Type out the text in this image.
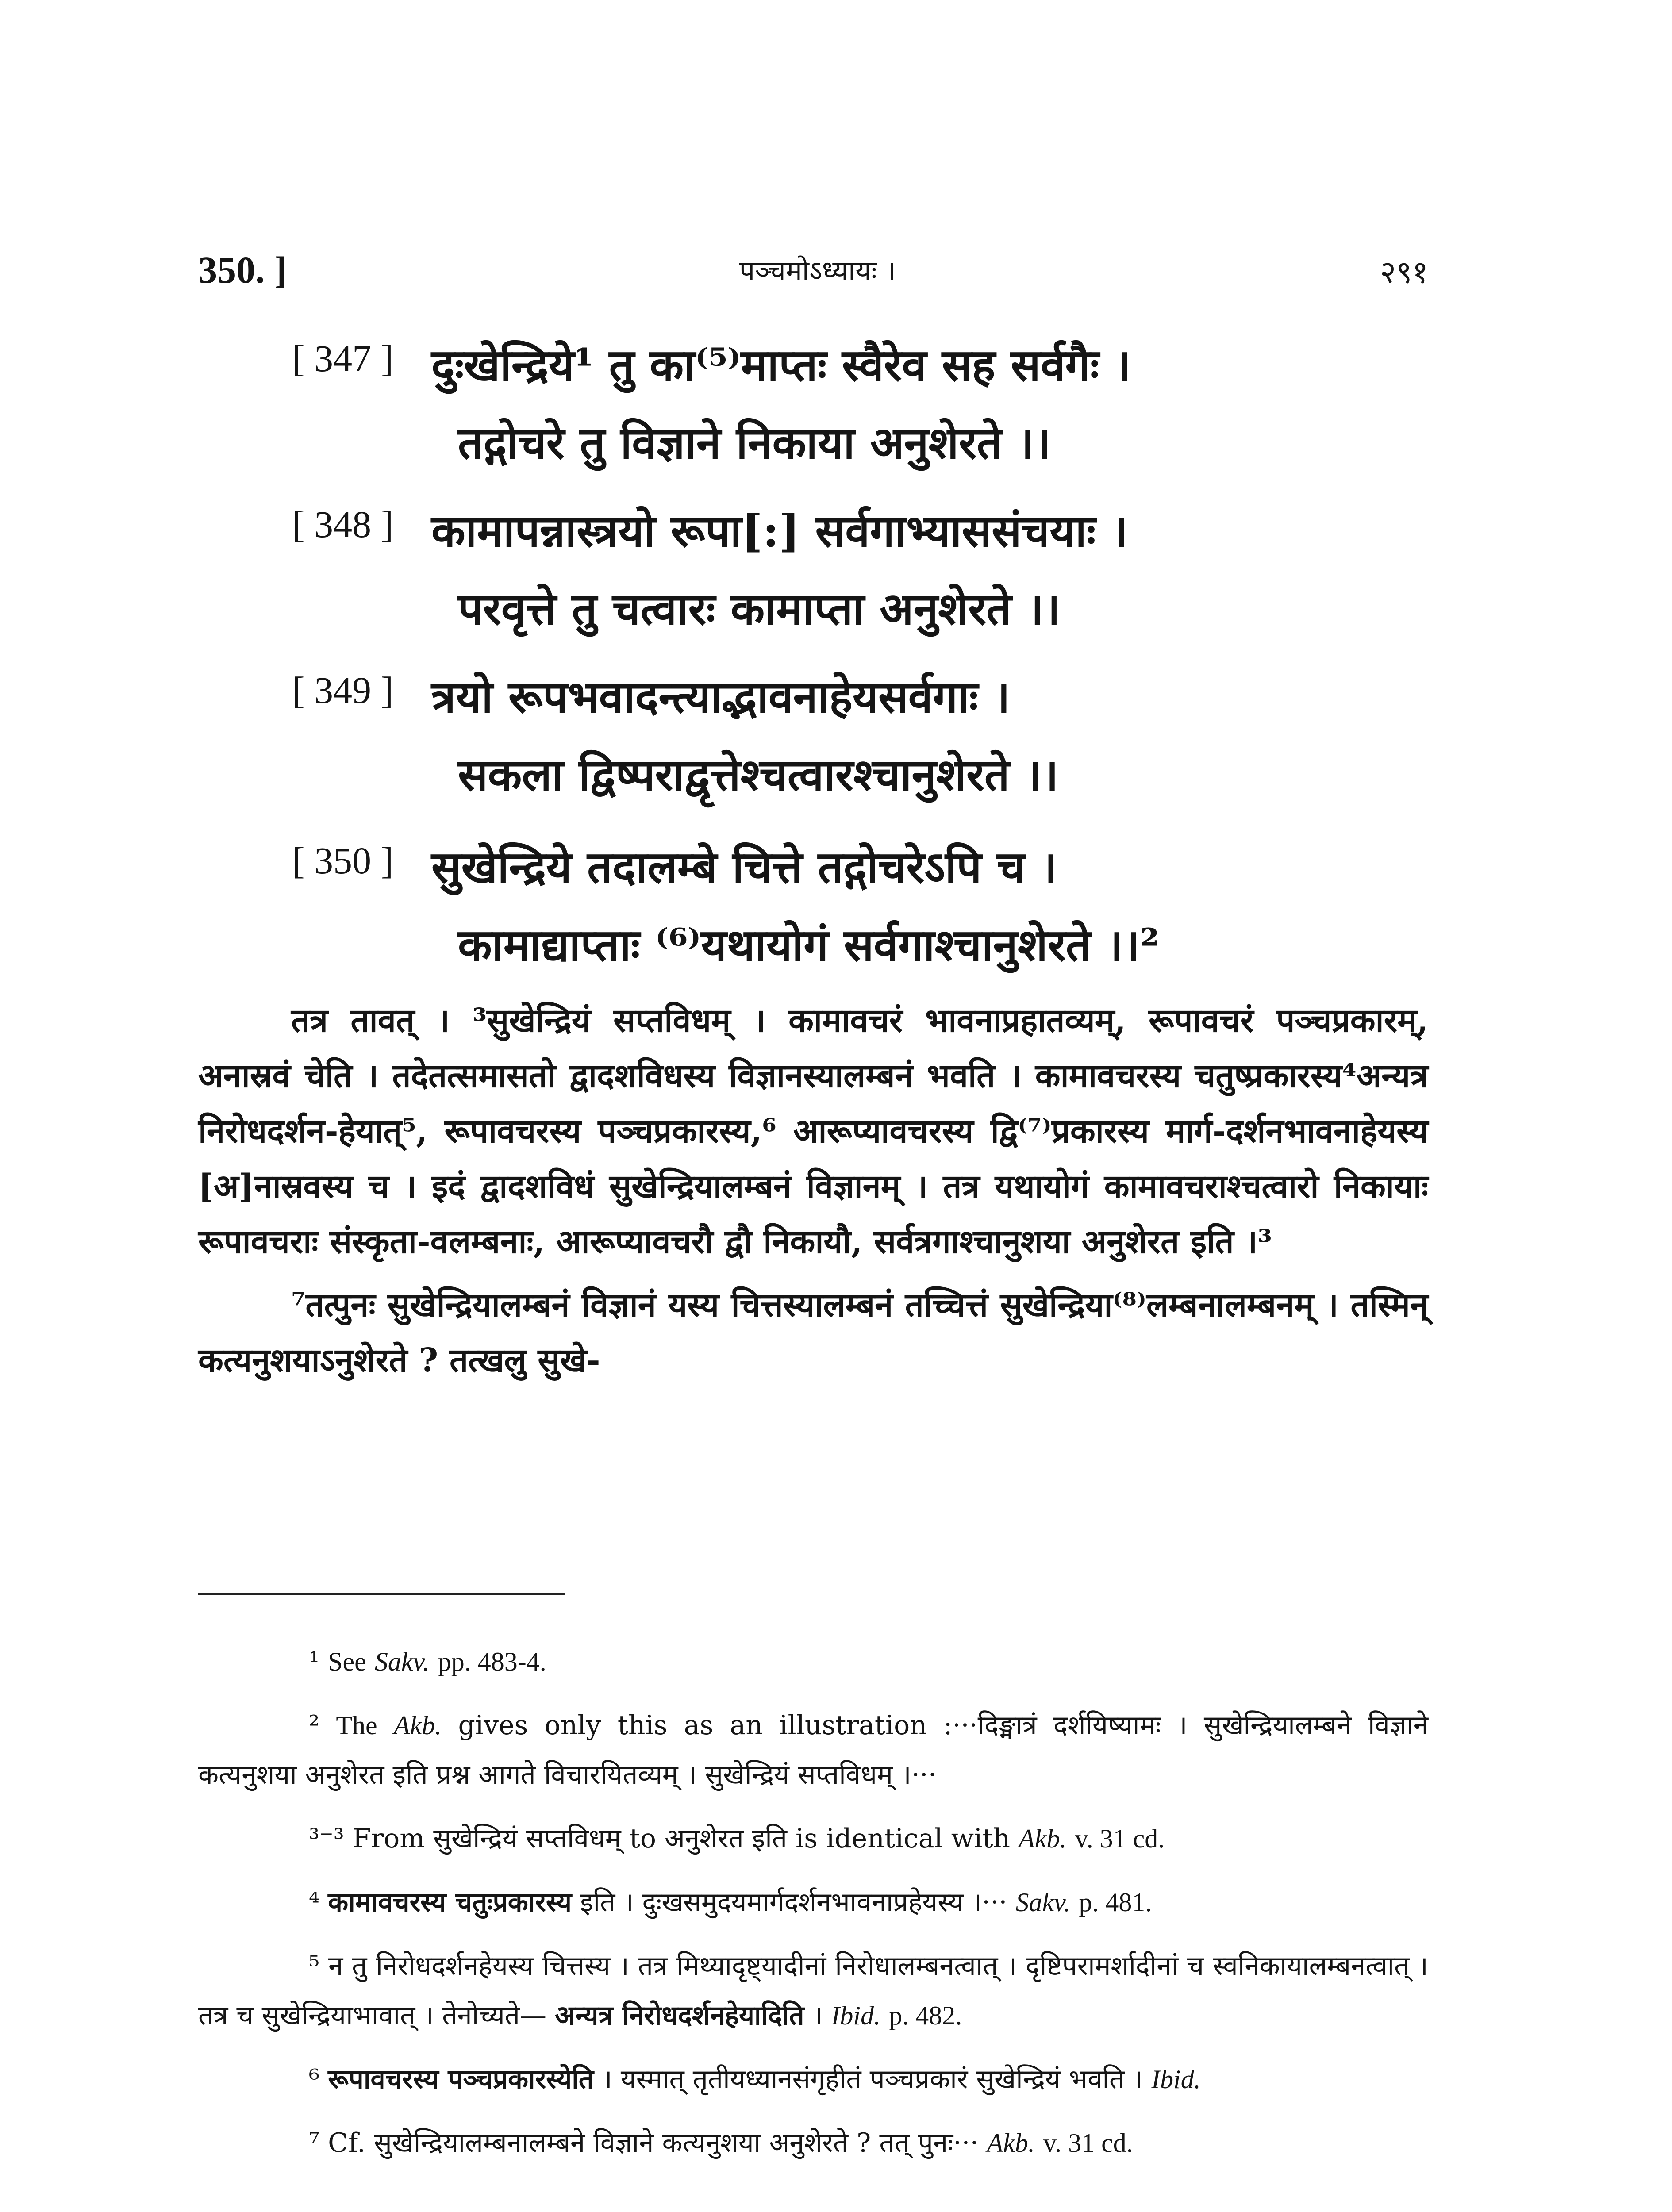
350. ]	पञ्चमोऽध्यायः ।	२९१
[ 347 ] दुःखेन्द्रिये¹ तु का⁽⁵⁾माप्तः स्वैरेव सह सर्वगैः ।
तद्गोचरे तु विज्ञाने निकाया अनुशेरते ।।
[ 348 ] कामापन्नास्त्रयो रूपा[:] सर्वगाभ्याससंचयाः ।
परवृत्ते तु चत्वारः कामाप्ता अनुशेरते ।।
[ 349 ] त्रयो रूपभवादन्त्याद्भावनाहेयसर्वगाः ।
सकला द्विष्पराद्वृत्तेश्चत्वारश्चानुशेरते ।।
[ 350 ] सुखेन्द्रिये तदालम्बे चित्ते तद्गोचरेऽपि च ।
कामाद्याप्ताः ⁽⁶⁾यथायोगं सर्वगाश्चानुशेरते ।।²

तत्र तावत् । ³सुखेन्द्रियं सप्तविधम् । कामावचरं भावनाप्रहातव्यम्, रूपावचरं पञ्चप्रकारम्, अनास्रवं चेति । तदेतत्समासतो द्वादशविधस्य विज्ञानस्यालम्बनं भवति । कामावचरस्य चतुष्प्रकारस्य⁴अन्यत्र निरोधदर्शन-हेयात्⁵, रूपावचरस्य पञ्चप्रकारस्य,⁶ आरूप्यावचरस्य द्वि⁽⁷⁾प्रकारस्य मार्ग-दर्शनभावनाहेयस्य [अ]नास्रवस्य च । इदं द्वादशविधं सुखेन्द्रियालम्बनं विज्ञानम् । तत्र यथायोगं कामावचराश्चत्वारो निकायाः रूपावचराः संस्कृता-वलम्बनाः, आरूप्यावचरौ द्वौ निकायौ, सर्वत्रगाश्चानुशया अनुशेरत इति ।³

⁷तत्पुनः सुखेन्द्रियालम्बनं विज्ञानं यस्य चित्तस्यालम्बनं तच्चित्तं सुखेन्द्रिया⁽⁸⁾लम्बनालम्बनम् । तस्मिन् कत्यनुशयाऽनुशेरते ? तत्खलु सुखे-

¹ See Sakv. pp. 483-4.

² The Akb. gives only this as an illustration :···दिङ्मात्रं दर्शयिष्यामः । सुखेन्द्रियालम्बने विज्ञाने कत्यनुशया अनुशेरत इति प्रश्न आगते विचारयितव्यम् । सुखेन्द्रियं सप्तविधम् ।···

³⁻³ From सुखेन्द्रियं सप्तविधम् to अनुशेरत इति is identical with Akb. v. 31 cd.

⁴ कामावचरस्य चतुःप्रकारस्य इति । दुःखसमुदयमार्गदर्शनभावनाप्रहेयस्य ।··· Sakv. p. 481.

⁵ न तु निरोधदर्शनहेयस्य चित्तस्य । तत्र मिथ्यादृष्ट्यादीनां निरोधालम्बनत्वात् । दृष्टिपरामर्शादीनां च स्वनिकायालम्बनत्वात् । तत्र च सुखेन्द्रियाभावात् । तेनोच्यते— अन्यत्र निरोधदर्शनहेयादिति । Ibid. p. 482.

⁶ रूपावचरस्य पञ्चप्रकारस्येति । यस्मात् तृतीयध्यानसंगृहीतं पञ्चप्रकारं सुखेन्द्रियं भवति । Ibid.

⁷ Cf. सुखेन्द्रियालम्बनालम्बने विज्ञाने कत्यनुशया अनुशेरते ? तत् पुनः··· Akb. v. 31 cd.
